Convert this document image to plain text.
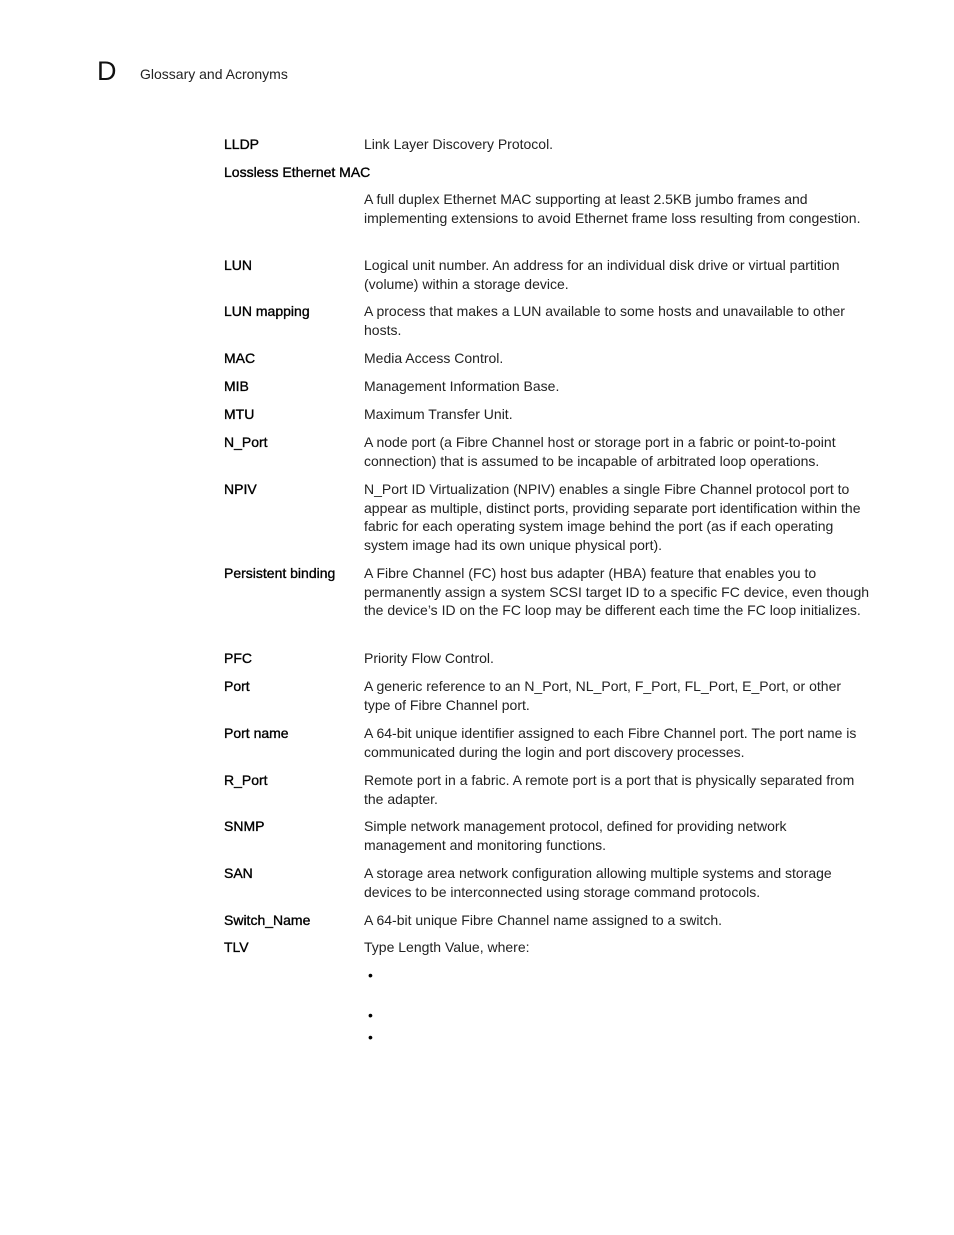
D Glossary and Acronyms
LLDP	Link Layer Discovery Protocol.
Lossless Ethernet MAC
A full duplex Ethernet MAC supporting at least 2.5KB jumbo frames and implementing extensions to avoid Ethernet frame loss resulting from congestion.
LUN	Logical unit number. An address for an individual disk drive or virtual partition (volume) within a storage device.
LUN mapping	A process that makes a LUN available to some hosts and unavailable to other hosts.
MAC	Media Access Control.
MIB	Management Information Base.
MTU	Maximum Transfer Unit.
N_Port	A node port (a Fibre Channel host or storage port in a fabric or point-to-point connection) that is assumed to be incapable of arbitrated loop operations.
NPIV	N_Port ID Virtualization (NPIV) enables a single Fibre Channel protocol port to appear as multiple, distinct ports, providing separate port identification within the fabric for each operating system image behind the port (as if each operating system image had its own unique physical port).
Persistent binding	A Fibre Channel (FC) host bus adapter (HBA) feature that enables you to permanently assign a system SCSI target ID to a specific FC device, even though the device’s ID on the FC loop may be different each time the FC loop initializes.
PFC	Priority Flow Control.
Port	A generic reference to an N_Port, NL_Port, F_Port, FL_Port, E_Port, or other type of Fibre Channel port.
Port name	A 64-bit unique identifier assigned to each Fibre Channel port. The port name is communicated during the login and port discovery processes.
R_Port	Remote port in a fabric. A remote port is a port that is physically separated from the adapter.
SNMP	Simple network management protocol, defined for providing network management and monitoring functions.
SAN	A storage area network configuration allowing multiple systems and storage devices to be interconnected using storage command protocols.
Switch_Name	A 64-bit unique Fibre Channel name assigned to a switch.
TLV	Type Length Value, where:
•
•
•
